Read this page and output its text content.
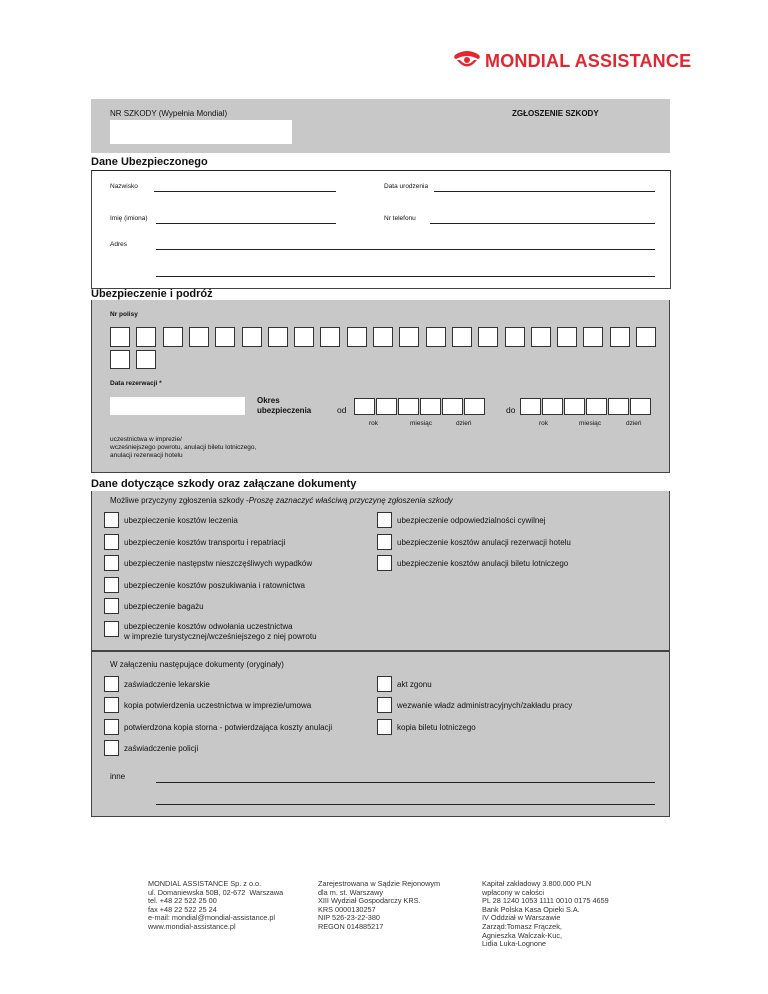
MONDIAL ASSISTANCE
NR SZKODY (Wypełnia Mondial)	ZGŁOSZENIE SZKODY
Dane Ubezpieczonego
Nazwisko	Data urodzenia
Imię (imiona)	Nr telefonu
Adres
Ubezpieczenie i podróż
Nr polisy
Data rezerwacji *
Okres
ubezpieczenia	od
rok	miesiąc	dzień
do
rok	miesiąc	dzień
uczestnictwa w imprezie/
wcześniejszego powrotu, anulacji biletu lotniczego,
anulacji rezerwacji hotelu
Dane dotyczące szkody oraz załączane dokumenty
Możliwe przyczyny zgłoszenia szkody -Proszę zaznaczyć właściwą przyczynę zgłoszenia szkody
ubezpieczenie kosztów leczenia
ubezpieczenie kosztów transportu i repatriacji
ubezpieczenie następstw nieszczęśliwych wypadków
ubezpieczenie kosztów poszukiwania i ratownictwa
ubezpieczenie bagażu
ubezpieczenie kosztów odwołania uczestnictwa
w imprezie turystycznej/wcześniejszego z niej powrotu
ubezpieczenie odpowiedzialności cywilnej
ubezpieczenie kosztów anulacji rezerwacji hotelu
ubezpieczenie kosztów anulacji biletu lotniczego
W załączeniu następujące dokumenty (oryginały)
zaświadczenie lekarskie
kopia potwierdzenia uczestnictwa w imprezie/umowa
potwierdzona kopia storna - potwierdzająca koszty anulacji
zaświadczenie policji
akt zgonu
wezwanie władz administracyjnych/zakładu pracy
kopia biletu lotniczego
inne
MONDIAL ASSISTANCE Sp. z o.o.
ul. Domaniewska 50B, 02-672  Warszawa
tel. +48 22 522 25 00
fax +48 22 522 25 24
e-mail: mondial@mondial-assistance.pl
www.mondial-assistance.pl
Zarejestrowana w Sądzie Rejonowym
dla m. st. Warszawy
XIII Wydział Gospodarczy KRS.
KRS 0000130257
NIP 526-23-22-380
REGON 014885217
Kapitał zakładowy 3.800.000 PLN
wpłacony w całości
PL 28 1240 1053 1111 0010 0175 4659
Bank Polska Kasa Opieki S.A.
IV Oddział w Warszawie
Zarząd:Tomasz Frączek,
Agnieszka Walczak-Kuc,
Lidia Luka-Lognone
